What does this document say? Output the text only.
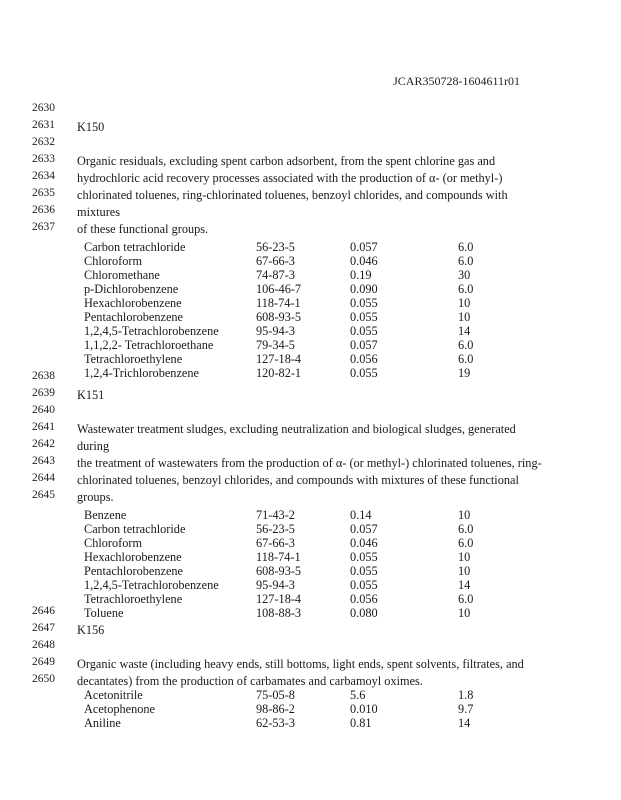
JCAR350728-1604611r01
2630
2631
2632
2633
2634
2635
2636
2637
2638
2639
2640
2641
2642
2643
2644
2645
2646
2647
2648
2649
2650
K150
Organic residuals, excluding spent carbon adsorbent, from the spent chlorine gas and
hydrochloric acid recovery processes associated with the production of α- (or methyl-)
chlorinated toluenes, ring-chlorinated toluenes, benzoyl chlorides, and compounds with mixtures
of these functional groups.
Carbon tetrachloride	56-23-5	0.057	6.0
Chloroform	67-66-3	0.046	6.0
Chloromethane	74-87-3	0.19	30
p-Dichlorobenzene	106-46-7	0.090	6.0
Hexachlorobenzene	118-74-1	0.055	10
Pentachlorobenzene	608-93-5	0.055	10
1,2,4,5-Tetrachlorobenzene	95-94-3	0.055	14
1,1,2,2- Tetrachloroethane	79-34-5	0.057	6.0
Tetrachloroethylene	127-18-4	0.056	6.0
1,2,4-Trichlorobenzene	120-82-1	0.055	19
K151
Wastewater treatment sludges, excluding neutralization and biological sludges, generated during
the treatment of wastewaters from the production of α- (or methyl-) chlorinated toluenes, ring-
chlorinated toluenes, benzoyl chlorides, and compounds with mixtures of these functional
groups.
Benzene	71-43-2	0.14	10
Carbon tetrachloride	56-23-5	0.057	6.0
Chloroform	67-66-3	0.046	6.0
Hexachlorobenzene	118-74-1	0.055	10
Pentachlorobenzene	608-93-5	0.055	10
1,2,4,5-Tetrachlorobenzene	95-94-3	0.055	14
Tetrachloroethylene	127-18-4	0.056	6.0
Toluene	108-88-3	0.080	10
K156
Organic waste (including heavy ends, still bottoms, light ends, spent solvents, filtrates, and
decantates) from the production of carbamates and carbamoyl oximes.
Acetonitrile	75-05-8	5.6	1.8
Acetophenone	98-86-2	0.010	9.7
Aniline	62-53-3	0.81	14
